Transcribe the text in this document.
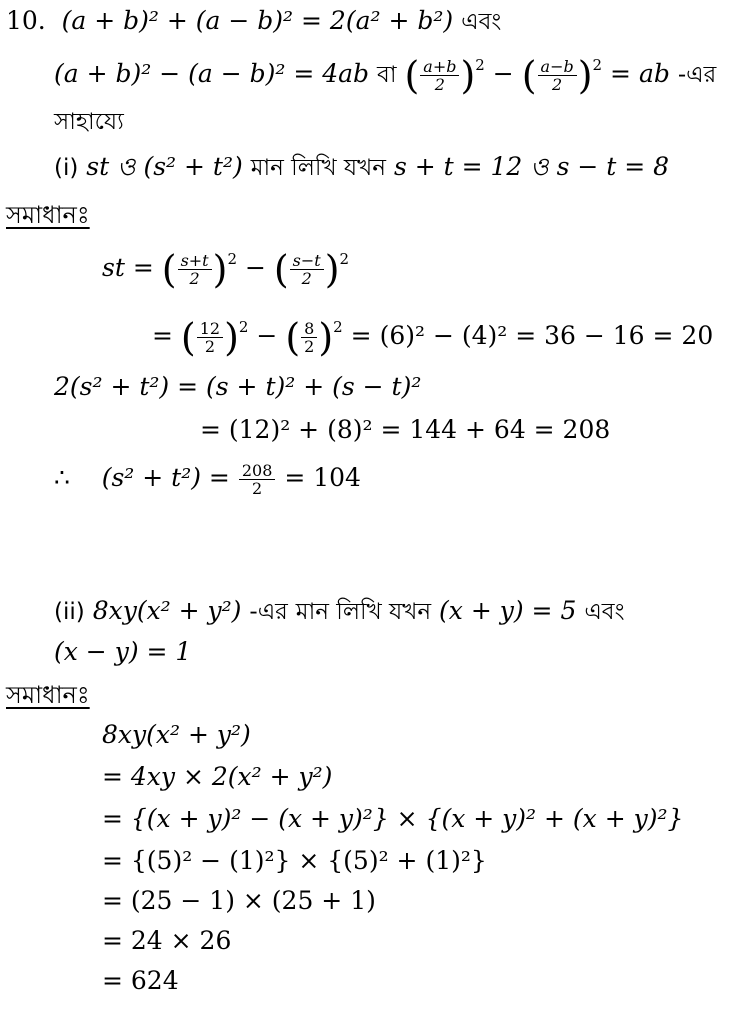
10. (a + b)² + (a − b)² = 2(a² + b²) এবং
(a + b)² − (a − b)² = 4ab বা ( $\frac{a+b}{2} )^2$ − ( $\frac{a-b}{2} )^2$ = ab -এর
সাহায্যে
(i) st ও (s² + t²) মান লিখি যখন s + t = 12 ও s − t = 8
সমাধানঃ
st = ( $\frac{s+t}{2} )^2$ − ( $\frac{s-t}{2} )^2$
= ( $\frac{12}{2} )^2$ − ( $\frac{8}{2} )^2 = (6)^2 - (4)^2 = 36 - 16 = 20$
2(s² + t²) = (s + t)² + (s − t)²
= (12)² + (8)² = 144 + 64 = 208
∴ $(s^2 + t^2) = \frac{208}{2} = 104$
(ii) 8xy(x² + y²) -এর মান লিখি যখন (x + y) = 5 এবং
(x − y) = 1
সমাধানঃ
8xy(x² + y²)
= 4xy × 2(x² + y²)
= {(x + y)² − (x + y)²} × {(x + y)² + (x + y)²}
= {(5)² − (1)²} × {(5)² + (1)²}
= (25 − 1) × (25 + 1)
= 24 × 26
= 624
